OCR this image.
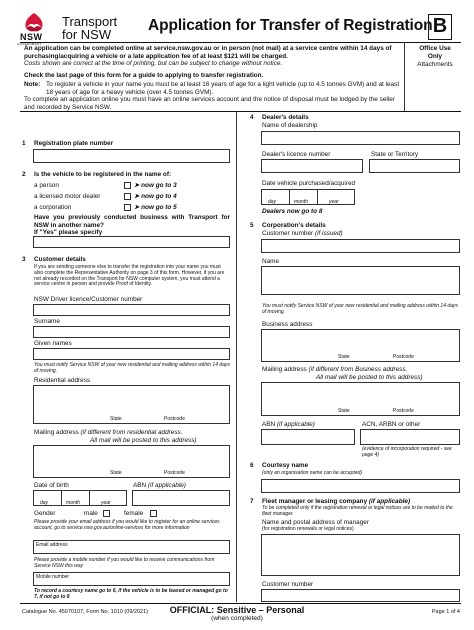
NSW
GOVERNMENT
Transport
for NSW
Application for Transfer of Registration B
An application can be completed online at service.nsw.gov.au or in person (not mail) at a service centre within 14 days of purchasing/acquiring a vehicle or a late application fee of at least $121 will be charged.
Costs shown are correct at the time of printing, but can be subject to change without notice.
Check the last page of this form for a guide to applying to transfer registration.
Note: To register a vehicle in your name you must be at least 16 years of age for a light vehicle (up to 4.5 tonnes GVM) and at least 18 years of age for a heavy vehicle (over 4.5 tonnes GVM).
To complete an application online you must have an online services account and the notice of disposal must be lodged by the seller and recorded by Service NSW.
Office Use
Only
Attachments
1 Registration plate number
2 Is the vehicle to be registered in the name of:
a person	➤ now go to 3
a licensed motor dealer	➤ now go to 4
a corporation	➤ now go to 5
Have you previously conducted business with Transport for NSW in another name?
If "Yes" please specify
3 Customer details
If you are sending someone else to transfer the registration into your name you must also complete the Representative Authority on page 3 of this form. However, if you are not already recorded on the Transport for NSW computer system, you must attend a service centre in person and provide Proof of Identity.
NSW Driver licence/Customer number
Surname
Given names
You must notify Service NSW of your new residential and mailing address within 14 days of moving.
Residential address
State	Postcode
Mailing address (if different from residential address.
All mail will be posted to this address)
State	Postcode
Date of birth
day	month	year
ABN (if applicable)
Gender	male	female
Please provide your email address if you would like to register for an online services account, go to service.nsw.gov.au/online-services for more information
Email address
Please provide a mobile number if you would like to receive communications from Service NSW this way
Mobile number
To record a courtesy name go to 6, if the vehicle is to be leased or managed go to 7, if not go to 8
4 Dealer's details
Name of dealership
Dealer's licence number	State or Territory
Date vehicle purchased/acquired
day	month	year
Dealers now go to 8
5 Corporation's details
Customer number (if issued)
Name
You must notify Service NSW of your new residential and mailing address within 14 days of moving.
Business address
State	Postcode
Mailing address (if different from Business address.
All mail will be posted to this address)
State	Postcode
ABN (if applicable)	ACN, ARBN or other
(evidence of incorporation required - see page 4)
6 Courtesy name
(only an organisation name can be accepted)
7 Fleet manager or leasing company (if applicable)
To be completed only if the registration renewal or legal notices are to be mailed to the fleet manager.
Name and postal address of manager
(for registration renewals or legal notices)
Customer number
Catalogue No. 45070107, Form No. 1010 (09/2021)	OFFICIAL: Sensitive – Personal
(when completed)
Page 1 of 4
